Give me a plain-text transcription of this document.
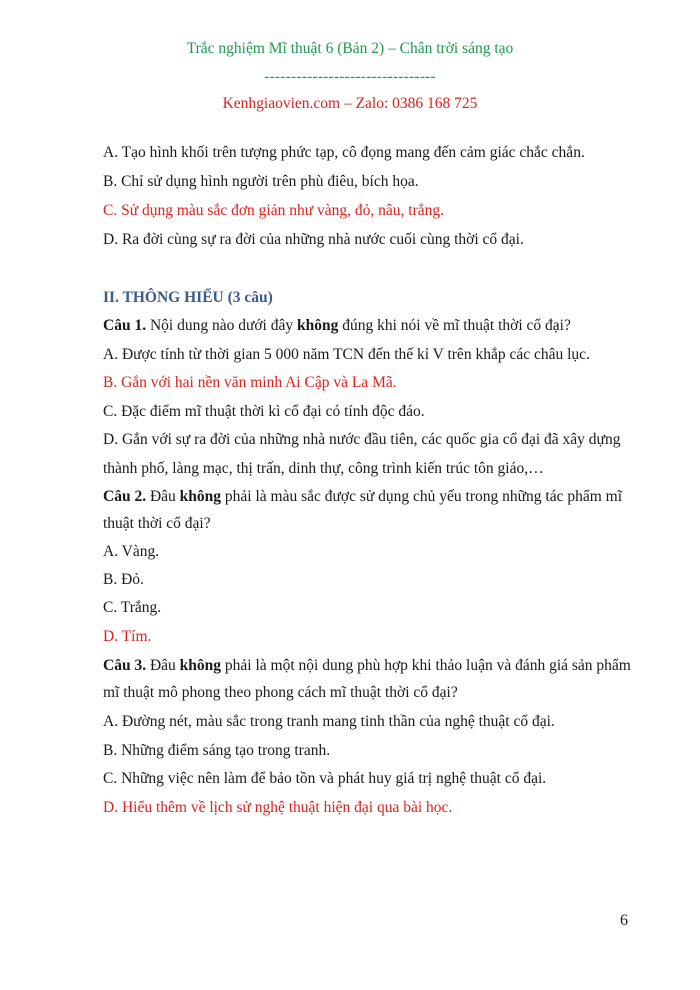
Trắc nghiệm Mĩ thuật 6 (Bản 2) – Chân trời sáng tạo
--------------------------------
Kenhgiaovien.com – Zalo: 0386 168 725
A. Tạo hình khối trên tượng phức tạp, cô đọng mang đến cảm giác chắc chắn.
B. Chỉ sử dụng hình người trên phù điêu, bích họa.
C. Sử dụng màu sắc đơn giản như vàng, đỏ, nâu, trắng.
D. Ra đời cùng sự ra đời của những nhà nước cuối cùng thời cổ đại.
II. THÔNG HIỂU (3 câu)
Câu 1. Nội dung nào dưới đây không đúng khi nói về mĩ thuật thời cổ đại?
A. Được tính từ thời gian 5 000 năm TCN đến thế kỉ V trên khắp các châu lục.
B. Gắn với hai nền văn minh Ai Cập và La Mã.
C. Đặc điểm mĩ thuật thời kì cổ đại có tính độc đáo.
D. Gắn với sự ra đời của những nhà nước đầu tiên, các quốc gia cổ đại đã xây dựng
thành phố, làng mạc, thị trấn, dinh thự, công trình kiến trúc tôn giáo,…
Câu 2. Đâu không phải là màu sắc được sử dụng chủ yếu trong những tác phẩm mĩ
thuật thời cổ đại?
A. Vàng.
B. Đỏ.
C. Trắng.
D. Tím.
Câu 3. Đâu không phải là một nội dung phù hợp khi thảo luận và đánh giá sản phẩm
mĩ thuật mô phong theo phong cách mĩ thuật thời cổ đại?
A. Đường nét, màu sắc trong tranh mang tinh thần của nghệ thuật cổ đại.
B. Những điểm sáng tạo trong tranh.
C. Những việc nên làm để bảo tồn và phát huy giá trị nghệ thuật cổ đại.
D. Hiểu thêm về lịch sử nghệ thuật hiện đại qua bài học.
6
